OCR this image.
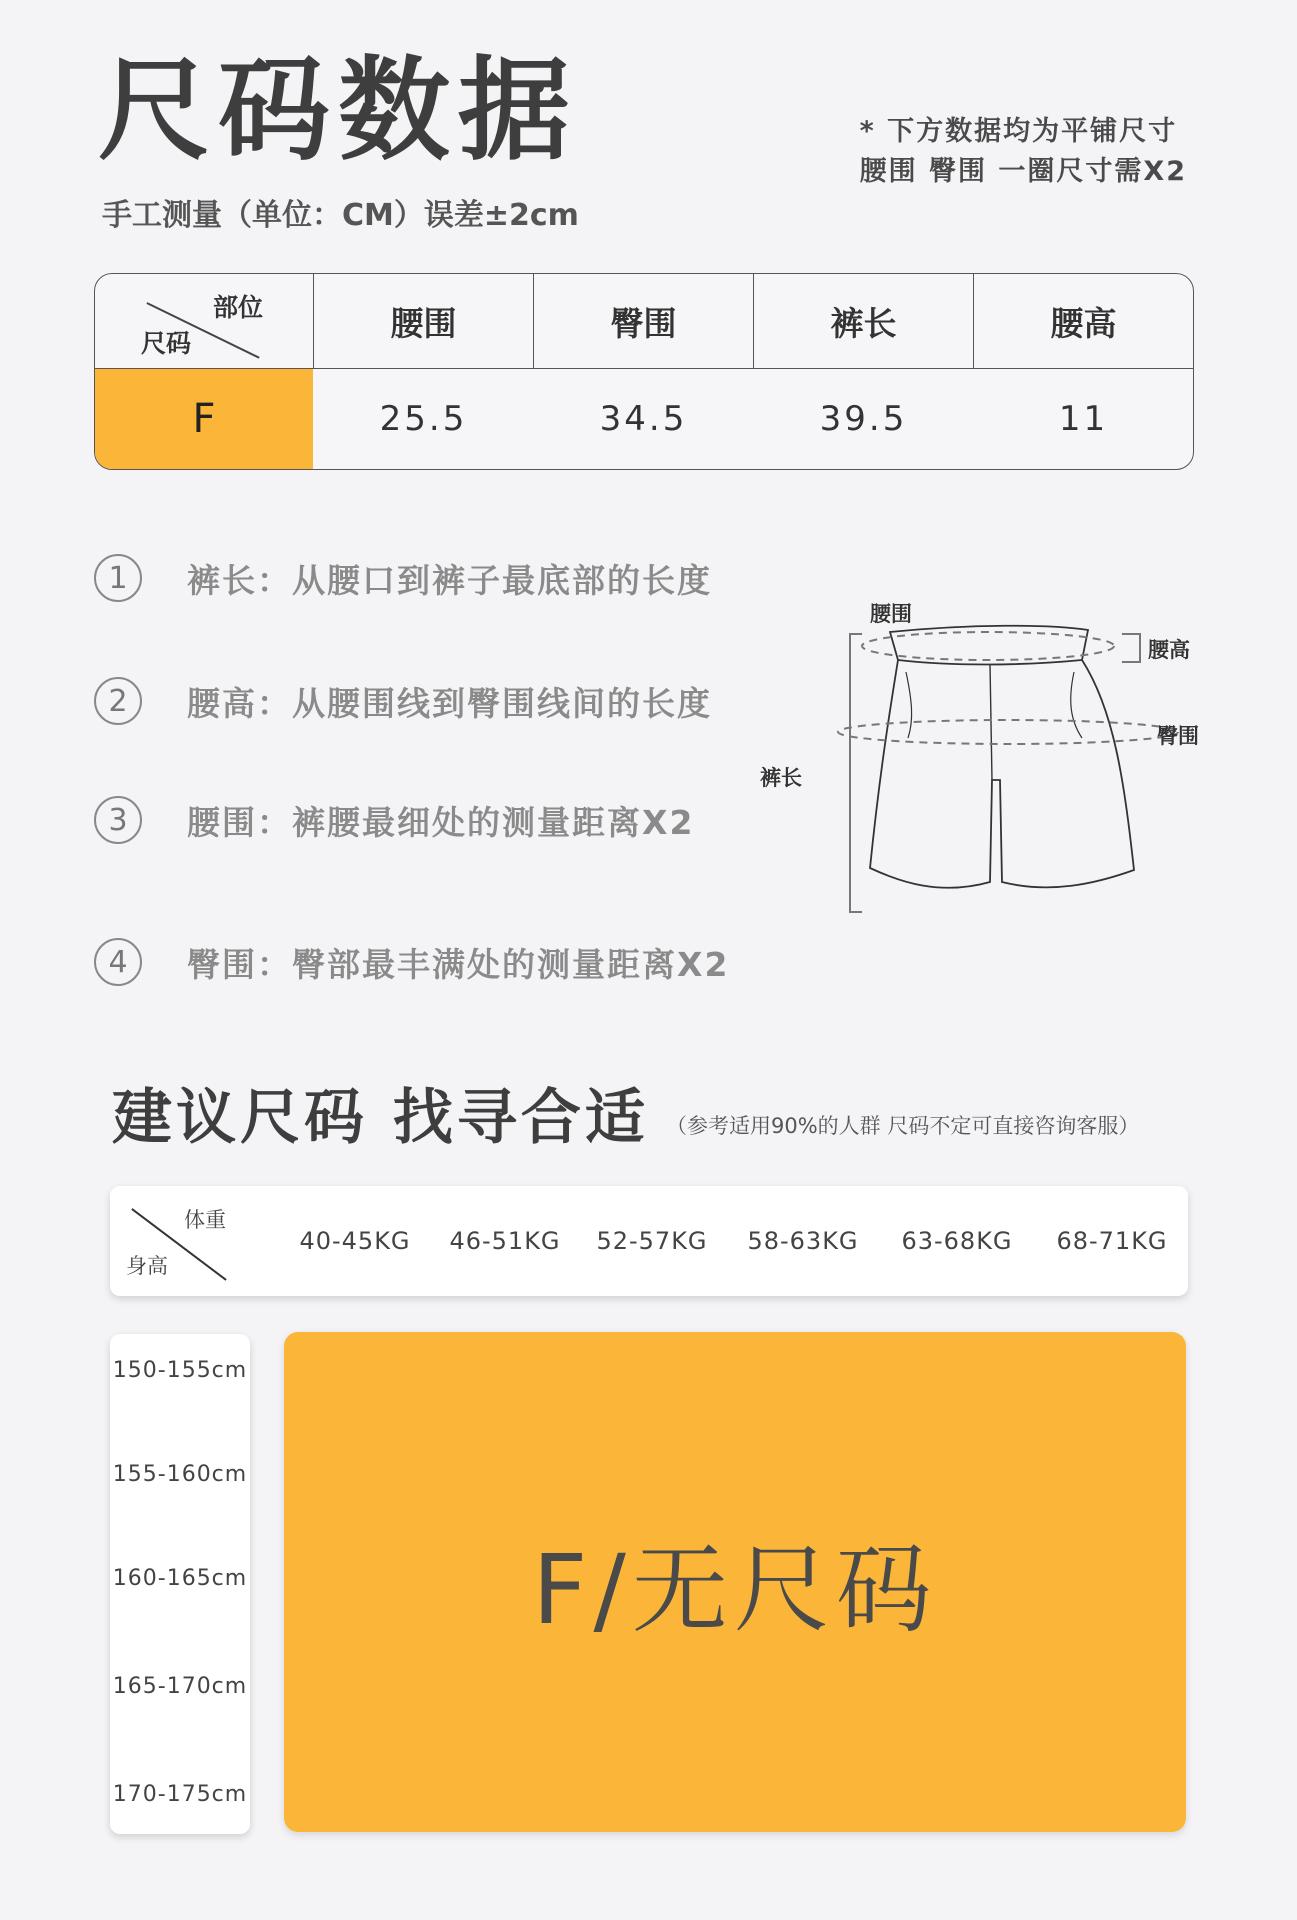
尺码数据
手工测量（单位：CM）误差±2cm
* 下方数据均为平铺尺寸
腰围 臀围 一圈尺寸需X2
部位
尺码
腰围	臀围	裤长	腰高
F	25.5	34.5	39.5	11
1	裤长：从腰口到裤子最底部的长度
2	腰高：从腰围线到臀围线间的长度
3	腰围：裤腰最细处的测量距离X2
4	臀围：臀部最丰满处的测量距离X2
腰围
腰高
臀围
裤长
建议尺码 找寻合适 （参考适用90%的人群 尺码不定可直接咨询客服）
体重
身高
40-45KG	46-51KG	52-57KG	58-63KG	63-68KG	68-71KG
150-155cm
155-160cm
160-165cm
165-170cm
170-175cm
F/无尺码
